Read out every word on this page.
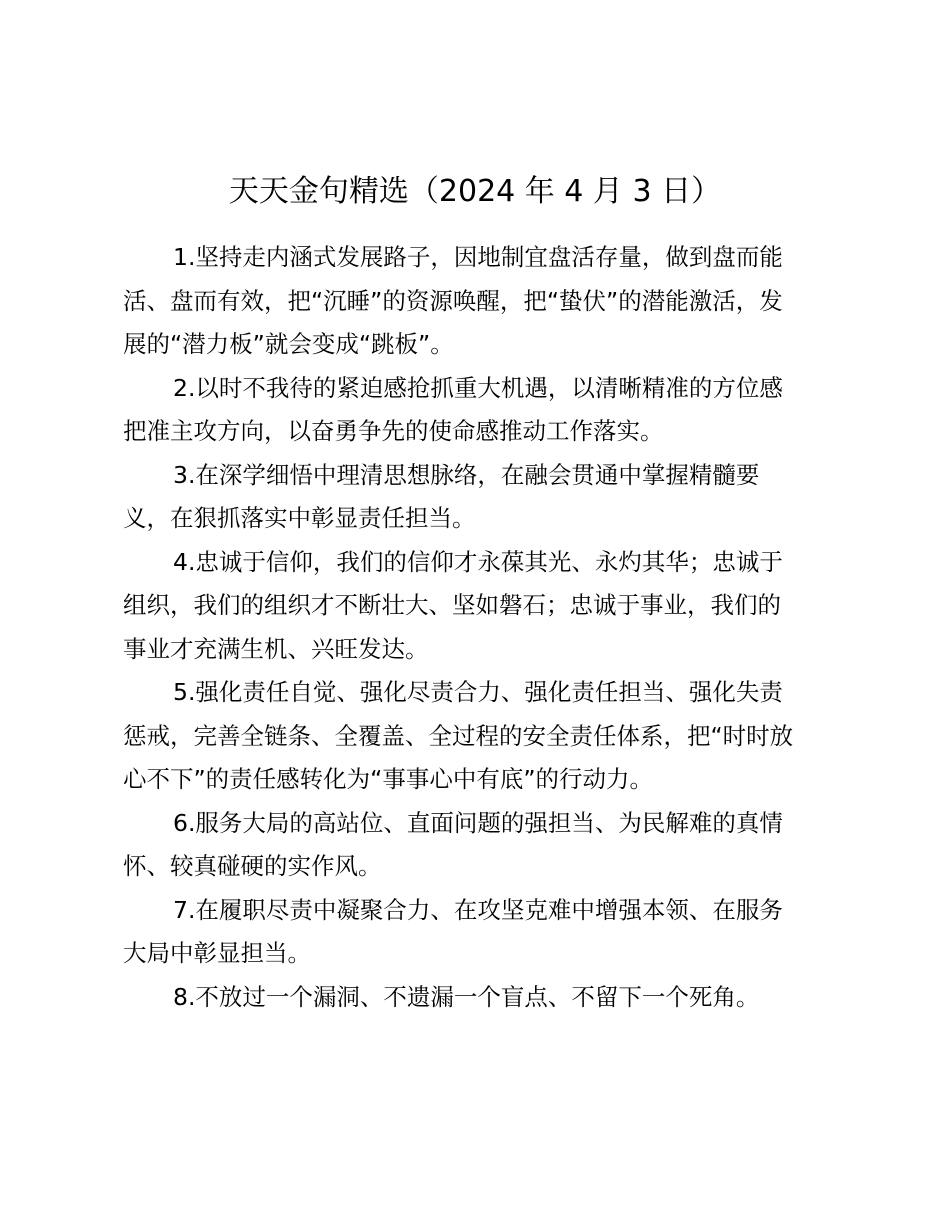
天天金句精选（2024 年 4 月 3 日）

1.坚持走内涵式发展路子，因地制宜盘活存量，做到盘而能
活、盘而有效，把“沉睡”的资源唤醒，把“蛰伏”的潜能激活，发
展的“潜力板”就会变成“跳板”。

2.以时不我待的紧迫感抢抓重大机遇，以清晰精准的方位感
把准主攻方向，以奋勇争先的使命感推动工作落实。

3.在深学细悟中理清思想脉络，在融会贯通中掌握精髓要
义，在狠抓落实中彰显责任担当。

4.忠诚于信仰，我们的信仰才永葆其光、永灼其华；忠诚于
组织，我们的组织才不断壮大、坚如磐石；忠诚于事业，我们的
事业才充满生机、兴旺发达。

5.强化责任自觉、强化尽责合力、强化责任担当、强化失责
惩戒，完善全链条、全覆盖、全过程的安全责任体系，把“时时放
心不下”的责任感转化为“事事心中有底”的行动力。

6.服务大局的高站位、直面问题的强担当、为民解难的真情
怀、较真碰硬的实作风。

7.在履职尽责中凝聚合力、在攻坚克难中增强本领、在服务
大局中彰显担当。

8.不放过一个漏洞、不遗漏一个盲点、不留下一个死角。
